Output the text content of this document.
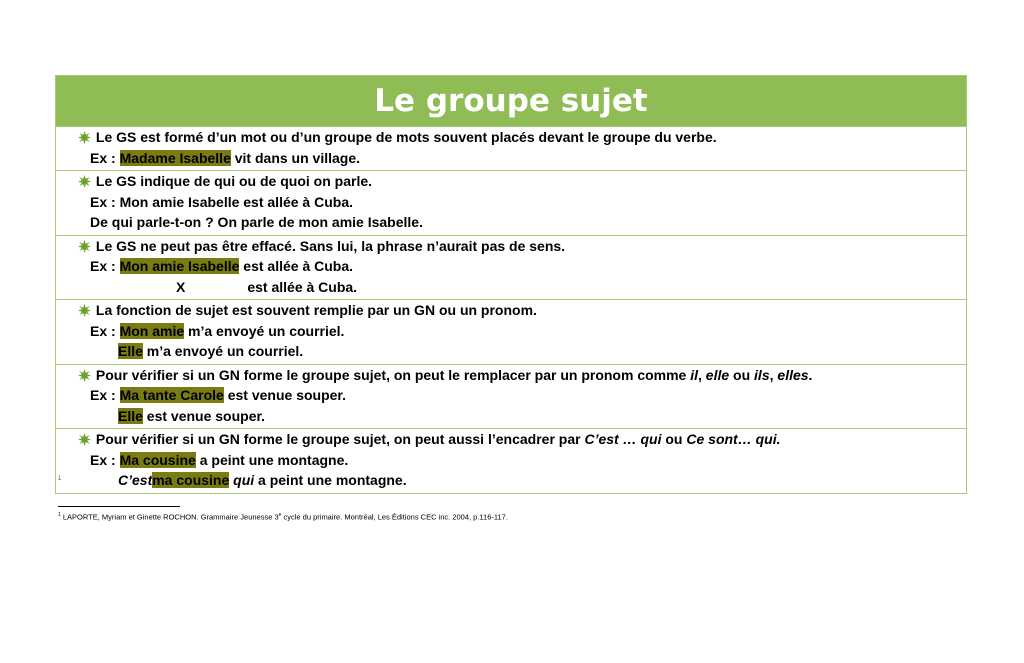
Le groupe sujet
Le GS est formé d’un mot ou d’un groupe de mots souvent placés devant le groupe du verbe.
Ex : Madame Isabelle vit dans un village.
Le GS indique de qui ou de quoi on parle.
Ex : Mon amie Isabelle est allée à Cuba.
De qui parle-t-on ? On parle de mon amie Isabelle.
Le GS ne peut pas être effacé. Sans lui, la phrase n’aurait pas de sens.
Ex : Mon amie Isabelle est allée à Cuba.
X	est allée à Cuba.
La fonction de sujet est souvent remplie par un GN ou un pronom.
Ex : Mon amie m’a envoyé un courriel.
Elle m’a envoyé un courriel.
Pour vérifier si un GN forme le groupe sujet, on peut le remplacer par un pronom comme il, elle ou ils, elles.
Ex : Ma tante Carole est venue souper.
Elle est venue souper.
Pour vérifier si un GN forme le groupe sujet, on peut aussi l’encadrer par C’est … qui ou Ce sont… qui.
Ex : Ma cousine a peint une montagne.
C’estma cousine qui a peint une montagne.
1
$^1$ LAPORTE, Myriam et Ginette ROCHON. Grammaire Jeunesse 3e cycle du primaire. Montréal, Les Éditions CEC inc. 2004, p.116-117.
